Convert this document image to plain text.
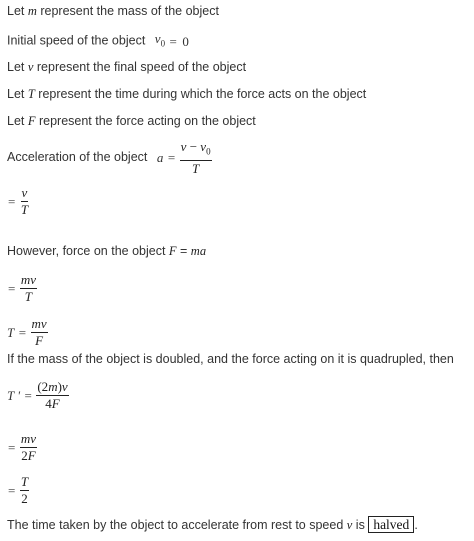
Let m represent the mass of the object
Initial speed of the object $v_0 = 0$
Let v represent the final speed of the object
Let T represent the time during which the force acts on the object
Let F represent the force acting on the object
Acceleration of the object $a = \frac{v - v_0}{T}$
= $\frac{v}{T}$
However, force on the object F = ma
= $\frac{mv}{T}$
$T = \frac{mv}{F}$
If the mass of the object is doubled, and the force acting on it is quadrupled, then
T ' = $\frac{(2m)v}{4F}$
= $\frac{mv}{2F}$
= $\frac{T}{2}$
The time taken by the object to accelerate from rest to speed v is halved .
